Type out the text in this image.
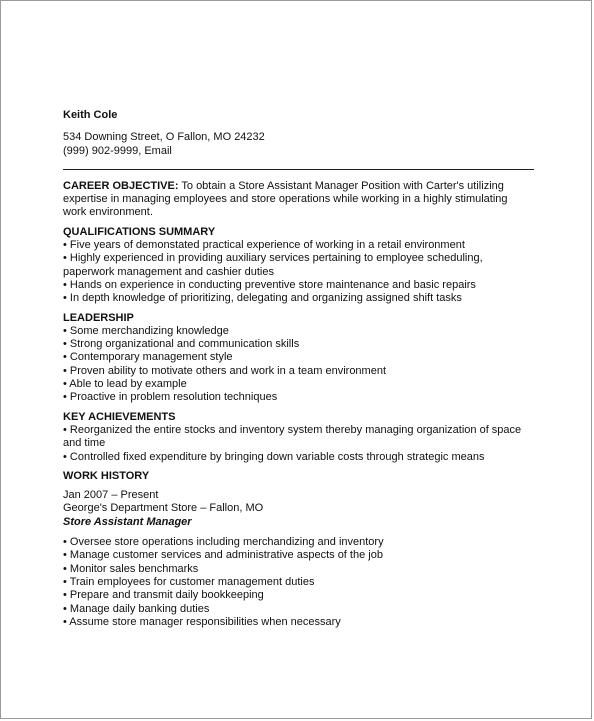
Keith Cole
534 Downing Street, O Fallon, MO 24232
(999) 902-9999, Email
CAREER OBJECTIVE: To obtain a Store Assistant Manager Position with Carter's utilizing expertise in managing employees and store operations while working in a highly stimulating work environment.
QUALIFICATIONS SUMMARY
• Five years of demonstated practical experience of working in a retail environment
• Highly experienced in providing auxiliary services pertaining to employee scheduling, paperwork management and cashier duties
• Hands on experience in conducting preventive store maintenance and basic repairs
• In depth knowledge of prioritizing, delegating and organizing assigned shift tasks
LEADERSHIP
• Some merchandizing knowledge
• Strong organizational and communication skills
• Contemporary management style
• Proven ability to motivate others and work in a team environment
• Able to lead by example
• Proactive in problem resolution techniques
KEY ACHIEVEMENTS
• Reorganized the entire stocks and inventory system thereby managing organization of space and time
• Controlled fixed expenditure by bringing down variable costs through strategic means
WORK HISTORY
Jan 2007 – Present
George's Department Store – Fallon, MO
Store Assistant Manager
• Oversee store operations including merchandizing and inventory
• Manage customer services and administrative aspects of the job
• Monitor sales benchmarks
• Train employees for customer management duties
• Prepare and transmit daily bookkeeping
• Manage daily banking duties
• Assume store manager responsibilities when necessary
